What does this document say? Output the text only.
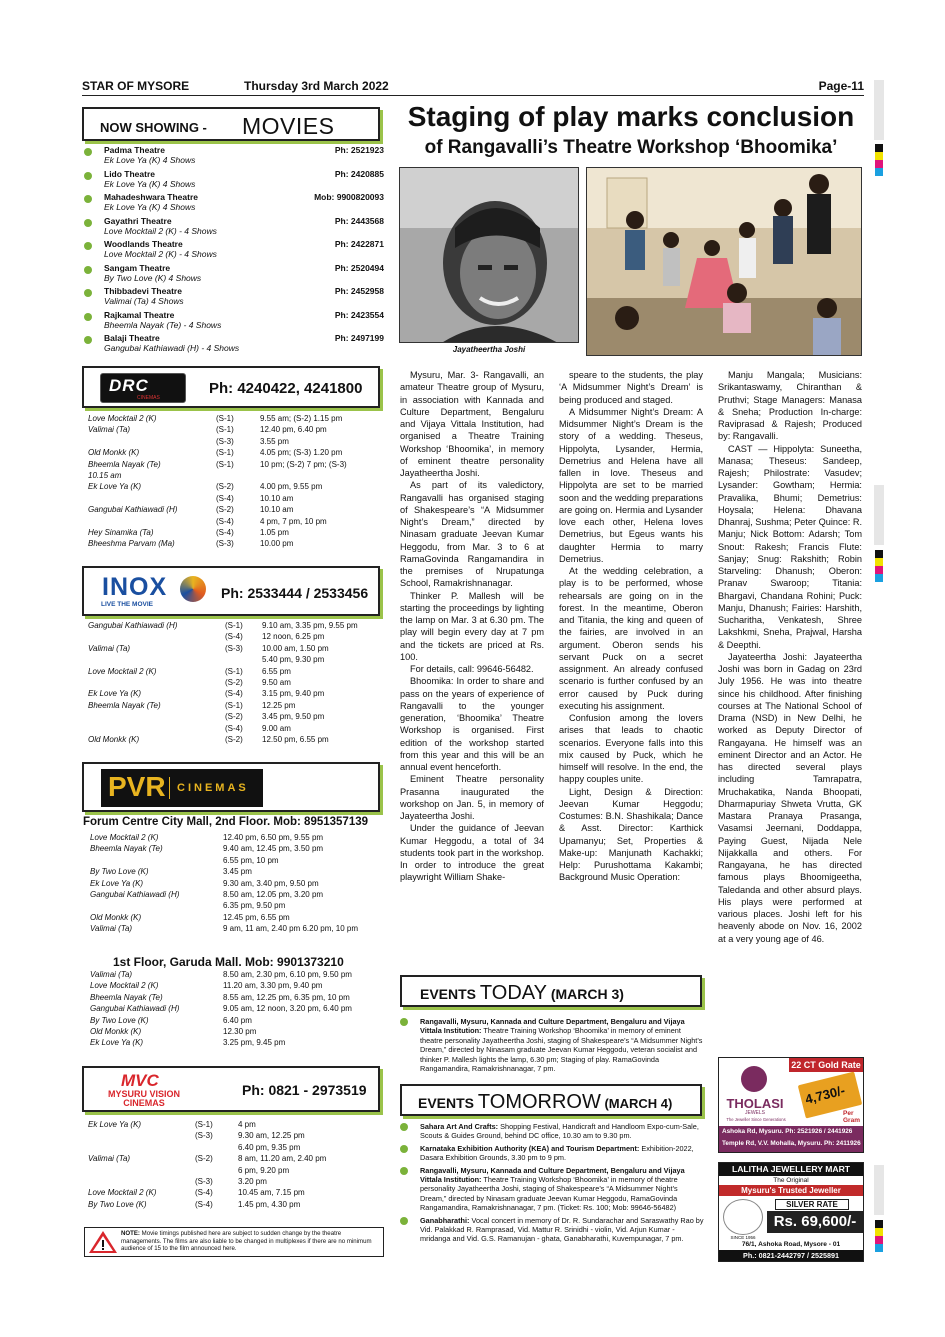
STAR OF MYSORE	Thursday 3rd March 2022	Page-11
NOW SHOWING - MOVIES
Padma Theatre	Ph: 2521923
Ek Love Ya (K) 4 Shows
Lido Theatre	Ph: 2420885
Ek Love Ya (K) 4 Shows
Mahadeshwara Theatre	Mob: 9900820093
Ek Love Ya (K) 4 Shows
Gayathri Theatre	Ph: 2443568
Love Mocktail 2 (K) - 4 Shows
Woodlands Theatre	Ph: 2422871
Love Mocktail 2 (K) - 4 Shows
Sangam Theatre	Ph: 2520494
By Two Love (K) 4 Shows
Thibbadevi Theatre	Ph: 2452958
Valimai (Ta) 4 Shows
Rajkamal Theatre	Ph: 2423554
Bheemla Nayak (Te) - 4 Shows
Balaji Theatre	Ph: 2497199
Gangubai Kathiawadi (H) - 4 Shows
DRC
CINEMAS
Ph: 4240422, 4241800
Love Mocktail 2 (K)	(S-1)	9.55 am; (S-2) 1.15 pm
Valimai (Ta)	(S-1)	12.40 pm, 6.40 pm
(S-3)	3.55 pm
Old Monkk (K)	(S-1)	4.05 pm; (S-3) 1.20 pm
Bheemla Nayak (Te)	(S-1)	10 pm; (S-2) 7 pm; (S-3)
10.15 am
Ek Love Ya (K)	(S-2)	4.00 pm, 9.55 pm
(S-4)	10.10 am
Gangubai Kathiawadi (H)	(S-2)	10.10 am
(S-4)	4 pm, 7 pm, 10 pm
Hey Sinamika (Ta)	(S-4)	1.05 pm
Bheeshma Parvam (Ma)	(S-3)	10.00 pm
INOX
LIVE THE MOVIE
Ph: 2533444 / 2533456
Gangubai Kathiawadi (H)	(S-1) 9.10 am, 3.35 pm, 9.55 pm
(S-4) 12 noon, 6.25 pm
Valimai (Ta)	(S-3) 10.00 am, 1.50 pm
5.40 pm, 9.30 pm
Love Mocktail 2 (K)	(S-1) 6.55 pm
(S-2) 9.50 am
Ek Love Ya (K)	(S-4) 3.15 pm, 9.40 pm
Bheemla Nayak (Te)	(S-1) 12.25 pm
(S-2) 3.45 pm, 9.50 pm
(S-4) 9.00 am
Old Monkk (K)	(S-2) 12.50 pm, 6.55 pm
PVR CINEMAS
Forum Centre City Mall, 2nd Floor. Mob: 8951357139
Love Mocktail 2 (K)	12.40 pm, 6.50 pm, 9.55 pm
Bheemla Nayak (Te)	9.40 am, 12.45 pm, 3.50 pm
6.55 pm, 10 pm
By Two Love (K)	3.45 pm
Ek Love Ya (K)	9.30 am, 3.40 pm, 9.50 pm
Gangubai Kathiawadi (H)	8.50 am, 12.05 pm, 3.20 pm
6.35 pm, 9.50 pm
Old Monkk (K)	12.45 pm, 6.55 pm
Valimai (Ta)	9 am, 11 am, 2.40 pm 6.20 pm, 10 pm
1st Floor, Garuda Mall. Mob: 9901373210
Valimai (Ta)	8.50 am, 2.30 pm, 6.10 pm, 9.50 pm
Love Mocktail 2 (K)	11.20 am, 3.30 pm, 9.40 pm
Bheemla Nayak (Te)	8.55 am, 12.25 pm, 6.35 pm, 10 pm
Gangubai Kathiawadi (H)	9.05 am, 12 noon, 3.20 pm, 6.40 pm
By Two Love (K)	6.40 pm
Old Monkk (K)	12.30 pm
Ek Love Ya (K)	3.25 pm, 9.45 pm
MVC
MYSURU VISION CINEMAS
Ph: 0821 - 2973519
Ek Love Ya (K)	(S-1)	4 pm
(S-3)	9.30 am, 12.25 pm
6.40 pm, 9.35 pm
Valimai (Ta)	(S-2)	8 am, 11.20 am, 2.40 pm
6 pm, 9.20 pm
(S-3)	3.20 pm
Love Mocktail 2 (K)	(S-4)	10.45 am, 7.15 pm
By Two Love (K)	(S-4)	1.45 pm, 4.30 pm
NOTE: Movie timings published here are subject to sudden change by the theatre managements. The films are also liable to be changed in multiplexes if there are no minimum audience of 15 to the film announced here.
Staging of play marks conclusion
of Rangavalli’s Theatre Workshop ‘Bhoomika’
Jayatheertha Joshi

Mysuru, Mar. 3- Rangavalli, an amateur Theatre group of Mysuru, in association with Kannada and Culture Department, Bengaluru and Vijaya Vittala Institution, had organised a Theatre Training Workshop ‘Bhoomika’, in memory of eminent theatre personality Jayatheertha Joshi.

As part of its valedictory, Rangavalli has organised staging of Shakespeare’s “A Midsummer Night’s Dream,” directed by Ninasam graduate Jeevan Kumar Heggodu, from Mar. 3 to 6 at RamaGovinda Rangamandira in the premises of Nrupatunga School, Ramakrishnanagar.

Thinker P. Mallesh will be starting the proceedings by lighting the lamp on Mar. 3 at 6.30 pm. The play will begin every day at 7 pm and the tickets are priced at Rs. 100.

For details, call: 99646-56482.

Bhoomika: In order to share and pass on the years of experience of Rangavalli to the younger generation, ‘Bhoomika’ Theatre Workshop is organised. First edition of the workshop started from this year and this will be an annual event henceforth.

Eminent Theatre personality Prasanna inaugurated the workshop on Jan. 5, in memory of Jayateertha Joshi.

Under the guidance of Jeevan Kumar Heggodu, a total of 34 students took part in the workshop. In order to introduce the great playwright William Shake-

speare to the students, the play ‘A Midsummer Night’s Dream’ is being produced and staged.

A Midsummer Night’s Dream: A Midsummer Night’s Dream is the story of a wedding. Theseus, Hippolyta, Lysander, Hermia, Demetrius and Helena have all fallen in love. Theseus and Hippolyta are set to be married soon and the wedding preparations are going on. Hermia and Lysander love each other, Helena loves Demetrius, but Egeus wants his daughter Hermia to marry Demetrius.

At the wedding celebration, a play is to be performed, whose rehearsals are going on in the forest. In the meantime, Oberon and Titania, the king and queen of the fairies, are involved in an argument. Oberon sends his servant Puck on a secret assignment. An already confused scenario is further confused by an error caused by Puck during executing his assignment.

Confusion among the lovers arises that leads to chaotic scenarios. Everyone falls into this mix caused by Puck, which he himself will resolve. In the end, the happy couples unite.

Light, Design & Direction: Jeevan Kumar Heggodu; Costumes: B.N. Shashikala; Dance & Asst. Director: Karthick Upamanyu; Set, Properties & Make-up: Manjunath Kachakki; Help: Purushottama Kakambi; Background Music Operation:

Manju Mangala; Musicians: Srikantaswamy, Chiranthan & Pruthvi; Stage Managers: Manasa & Sneha; Production In-charge: Raviprasad & Rajesh; Produced by: Rangavalli.

CAST — Hippolyta: Suneetha, Manasa; Theseus: Sandeep, Rajesh; Philostrate: Vasudev; Lysander: Gowtham; Hermia: Pravalika, Bhumi; Demetrius: Hoysala; Helena: Dhavana Dhanraj, Sushma; Peter Quince: R. Manju; Nick Bottom: Adarsh; Tom Snout: Rakesh; Francis Flute: Sanjay; Snug: Rakshith; Robin Starveling: Dhanush; Oberon: Pranav Swaroop; Titania: Bhargavi, Chandana Rohini; Puck: Manju, Dhanush; Fairies: Harshith, Sucharitha, Venkatesh, Shree Lakshkmi, Sneha, Prajwal, Harsha & Deepthi.

Jayateertha Joshi: Jayateertha Joshi was born in Gadag on 23rd July 1956. He was into theatre since his childhood. After finishing courses at The National School of Drama (NSD) in New Delhi, he worked as Deputy Director of Rangayana. He himself was an eminent Director and an Actor. He has directed several plays including Tamrapatra, Mruchakatika, Nanda Bhoopati, Dharmapuriay Shweta Vrutta, GK Mastara Pranaya Prasanga, Vasamsi Jeernani, Doddappa, Paying Guest, Nijada Nele Nijakkalla and others. For Rangayana, he has directed famous plays Bhoomigeetha, Taledanda and other absurd plays. His plays were performed at various places. Joshi left for his heavenly abode on Nov. 16, 2002 at a very young age of 46.

EVENTS TODAY (MARCH 3)
Rangavalli, Mysuru, Kannada and Culture Department, Bengaluru and Vijaya Vittala Institution: Theatre Training Workshop ‘Bhoomika’ in memory of eminent theatre personality Jayatheertha Joshi, staging of Shakespeare’s “A Midsummer Night’s Dream,” directed by Ninasam graduate Jeevan Kumar Heggodu, veteran socialist and thinker P. Mallesh lights the lamp, 6.30 pm; Staging of play. RamaGovinda Rangamandira, Ramakrishnanagar, 7 pm.
EVENTS TOMORROW (MARCH 4)
Sahara Art And Crafts: Shopping Festival, Handicraft and Handloom Expo-cum-Sale, Scouts & Guides Ground, behind DC office, 10.30 am to 9.30 pm.
Karnataka Exhibition Authority (KEA) and Tourism Department: Exhibition-2022, Dasara Exhibition Grounds, 3.30 pm to 9 pm.
Rangavalli, Mysuru, Kannada and Culture Department, Bengaluru and Vijaya Vittala Institution: Theatre Training Workshop ‘Bhoomika’ in memory of theatre personality Jayatheertha Joshi, staging of Shakespeare’s “A Midsummer Night’s Dream,” directed by Ninasam graduate Jeevan Kumar Heggodu, RamaGovinda Rangamandira, Ramakrishnanagar, 7 pm. (Ticket: Rs. 100; Mob: 99646-56482)
Ganabharathi: Vocal concert in memory of Dr. R. Sundarachar and Saraswathy Rao by Vid. Palakkad R. Ramprasad, Vid. Mattur R. Srinidhi - violin, Vid. Arjun Kumar - mridanga and Vid. G.S. Ramanujan - ghata, Ganabharathi, Kuvempunagar, 7 pm.
22 CT Gold Rate
THOLASI
JEWELS
The Jeweller Since Generations
4,730/-
Per Gram
Ashoka Rd, Mysuru. Ph: 2521926 / 2441926
Temple Rd, V.V. Mohalla, Mysuru. Ph: 2411926
LALITHA JEWELLERY MART
The Original
Mysuru's Trusted Jeweller
SINCE 1956
SILVER RATE
Rs. 69,600/-
76/1, Ashoka Road, Mysore - 01
Ph.: 0821-2442797 / 2525891
